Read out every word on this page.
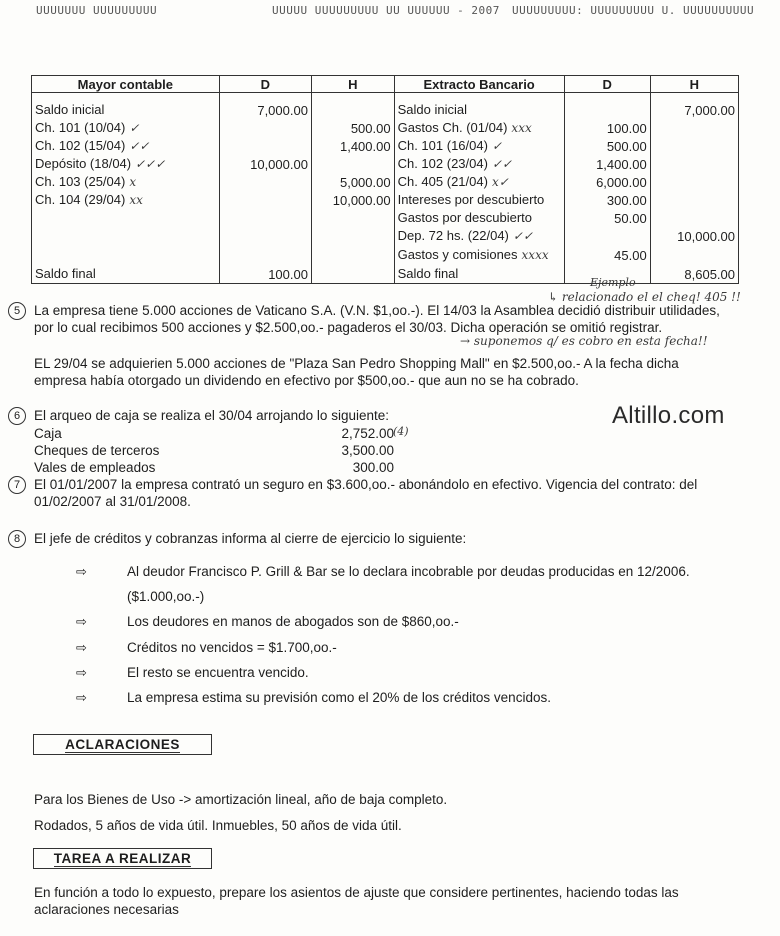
UUUUUUU UUUUUUUUU	UUUUU UUUUUUUUU UU UUUUUU - 2007 UUUUUUUUU: UUUUUUUUU U. UUUUUUUUUU
Mayor contable	D	H	Extracto Bancario	D	H
Saldo inicial	7,000.00		Saldo inicial		7,000.00
Ch. 101 (10/04) ✓		500.00	Gastos Ch. (01/04) xxx	100.00	
Ch. 102 (15/04) ✓✓		1,400.00	Ch. 101 (16/04) ✓	500.00	
Depósito (18/04) ✓✓✓	10,000.00		Ch. 102 (23/04) ✓✓	1,400.00	
Ch. 103 (25/04) x		5,000.00	Ch. 405 (21/04) x✓	6,000.00	
Ch. 104 (29/04) xx		10,000.00	Intereses por descubierto	300.00	
			Gastos por descubierto	50.00	
			Dep. 72 hs. (22/04) ✓✓		10,000.00
			Gastos y comisiones xxxx	45.00	
Saldo final	100.00		Saldo final		8,605.00
Ejemplo
↳ relacionado el el cheq! 405 !!
→ suponemos q/ es cobro en esta fecha!!
5	La empresa tiene 5.000 acciones de Vaticano S.A. (V.N. $1,oo.-). El 14/03 la Asamblea decidió distribuir utilidades, por lo cual recibimos 500 acciones y $2.500,oo.- pagaderos el 30/03. Dicha operación se omitió registrar.
EL 29/04 se adquierien 5.000 acciones de "Plaza San Pedro Shopping Mall" en $2.500,oo.- A la fecha dicha empresa había otorgado un dividendo en efectivo por $500,oo.- que aun no se ha cobrado.
6	El arqueo de caja se realiza el 30/04 arrojando lo siguiente:
Caja	2,752.00
Cheques de terceros	3,500.00
Vales de empleados	300.00
(4)
Altillo.com
7	El 01/01/2007 la empresa contrató un seguro en $3.600,oo.- abonándolo en efectivo. Vigencia del contrato: del 01/02/2007 al 31/01/2008.
8	El jefe de créditos y cobranzas informa al cierre de ejercicio lo siguiente:
⇨	Al deudor Francisco P. Grill & Bar se lo declara incobrable por deudas producidas en 12/2006.
($1.000,oo.-)
⇨	Los deudores en manos de abogados son de $860,oo.-
⇨	Créditos no vencidos = $1.700,oo.-
⇨	El resto se encuentra vencido.
⇨	La empresa estima su previsión como el 20% de los créditos vencidos.
ACLARACIONES
Para los Bienes de Uso -> amortización lineal, año de baja completo.
Rodados, 5 años de vida útil. Inmuebles, 50 años de vida útil.
TAREA A REALIZAR
En función a todo lo expuesto, prepare los asientos de ajuste que considere pertinentes, haciendo todas las aclaraciones necesarias
